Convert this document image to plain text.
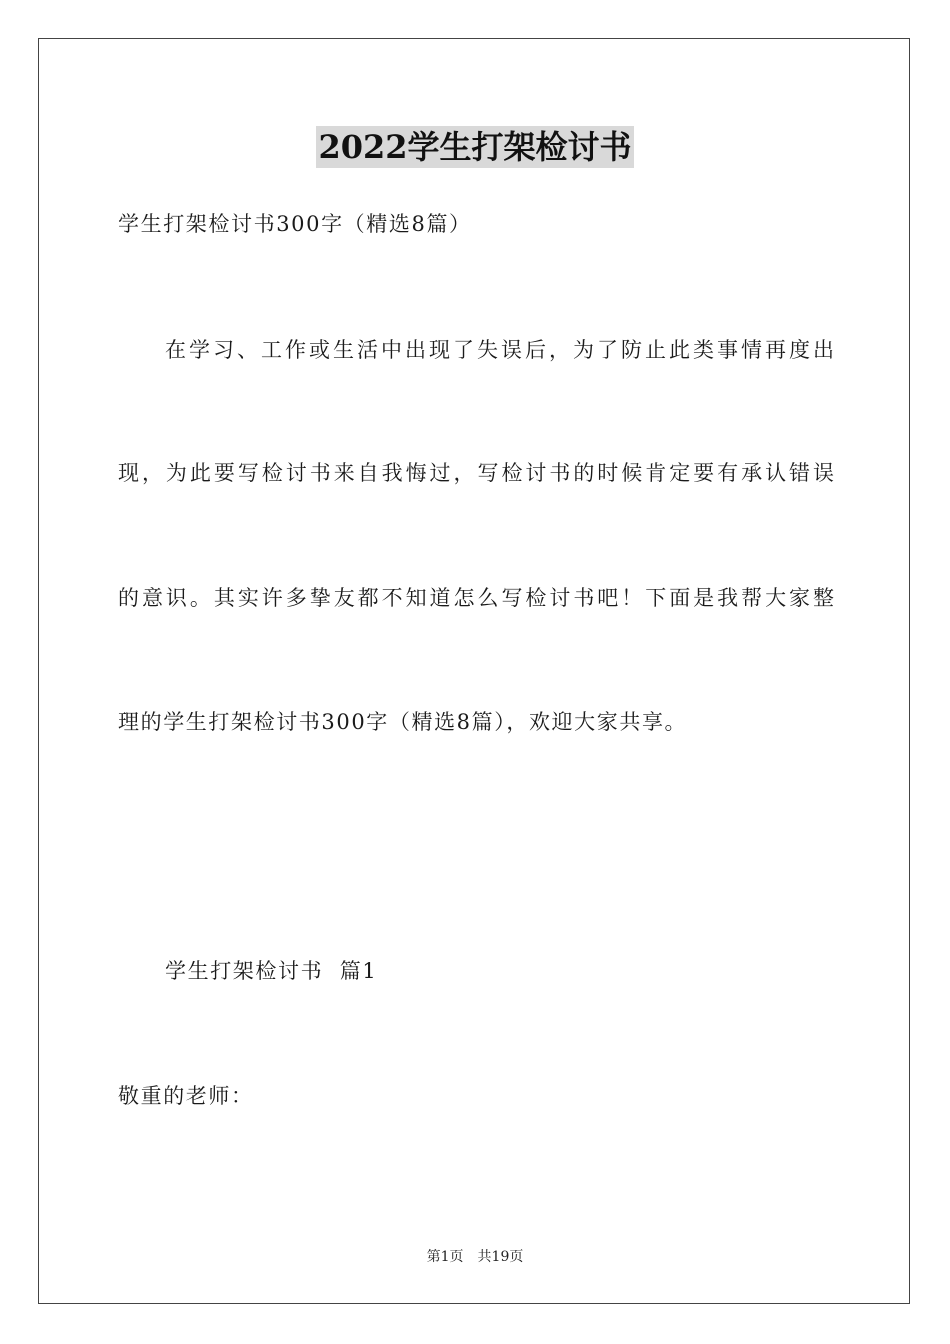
2022学生打架检讨书
学生打架检讨书300字（精选8篇）
在学习、工作或生活中出现了失误后，为了防止此类事情再度出
现，为此要写检讨书来自我悔过，写检讨书的时候肯定要有承认错误
的意识。其实许多挚友都不知道怎么写检讨书吧！下面是我帮大家整
理的学生打架检讨书300字（精选8篇），欢迎大家共享。
学生打架检讨书  篇1
敬重的老师：
第1页 共19页
